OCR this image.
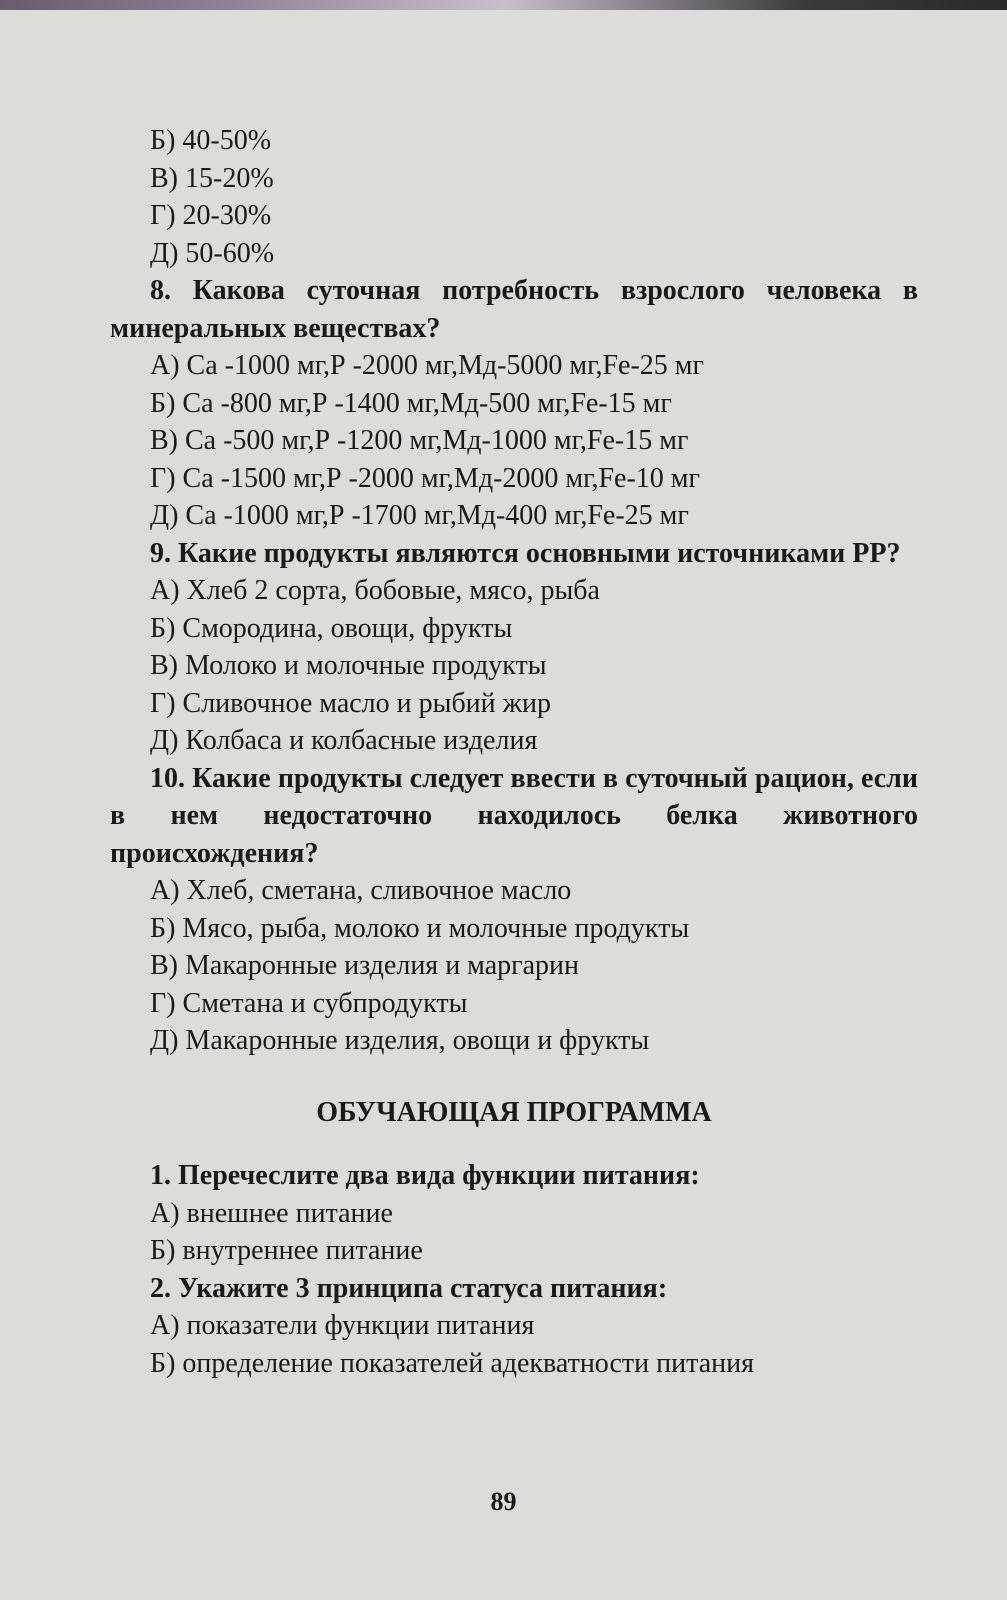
Б) 40-50%
В) 15-20%
Г) 20-30%
Д) 50-60%
8. Какова суточная потребность взрослого человека в минеральных веществах?
А) Са -1000 мг,Р -2000 мг,Мд-5000 мг,Fe-25 мг
Б) Са -800 мг,Р -1400 мг,Мд-500 мг,Fe-15 мг
В) Са -500 мг,Р -1200 мг,Мд-1000 мг,Fe-15 мг
Г) Са -1500 мг,Р -2000 мг,Мд-2000 мг,Fe-10 мг
Д) Са -1000 мг,Р -1700 мг,Мд-400 мг,Fe-25 мг
9. Какие продукты являются основными источниками РР?
А) Хлеб 2 сорта, бобовые, мясо, рыба
Б) Смородина, овощи, фрукты
В) Молоко и молочные продукты
Г) Сливочное масло и рыбий жир
Д) Колбаса и колбасные изделия
10. Какие продукты следует ввести в суточный рацион, если в нем недостаточно находилось белка животного происхождения?
А) Хлеб, сметана, сливочное масло
Б) Мясо, рыба, молоко и молочные продукты
В) Макаронные изделия и маргарин
Г) Сметана и субпродукты
Д) Макаронные изделия, овощи и фрукты
ОБУЧАЮЩАЯ ПРОГРАММА
1. Перечеслите два вида функции питания:
А) внешнее питание
Б) внутреннее питание
2. Укажите 3 принципа статуса питания:
А) показатели функции питания
Б) определение показателей адекватности питания
89
